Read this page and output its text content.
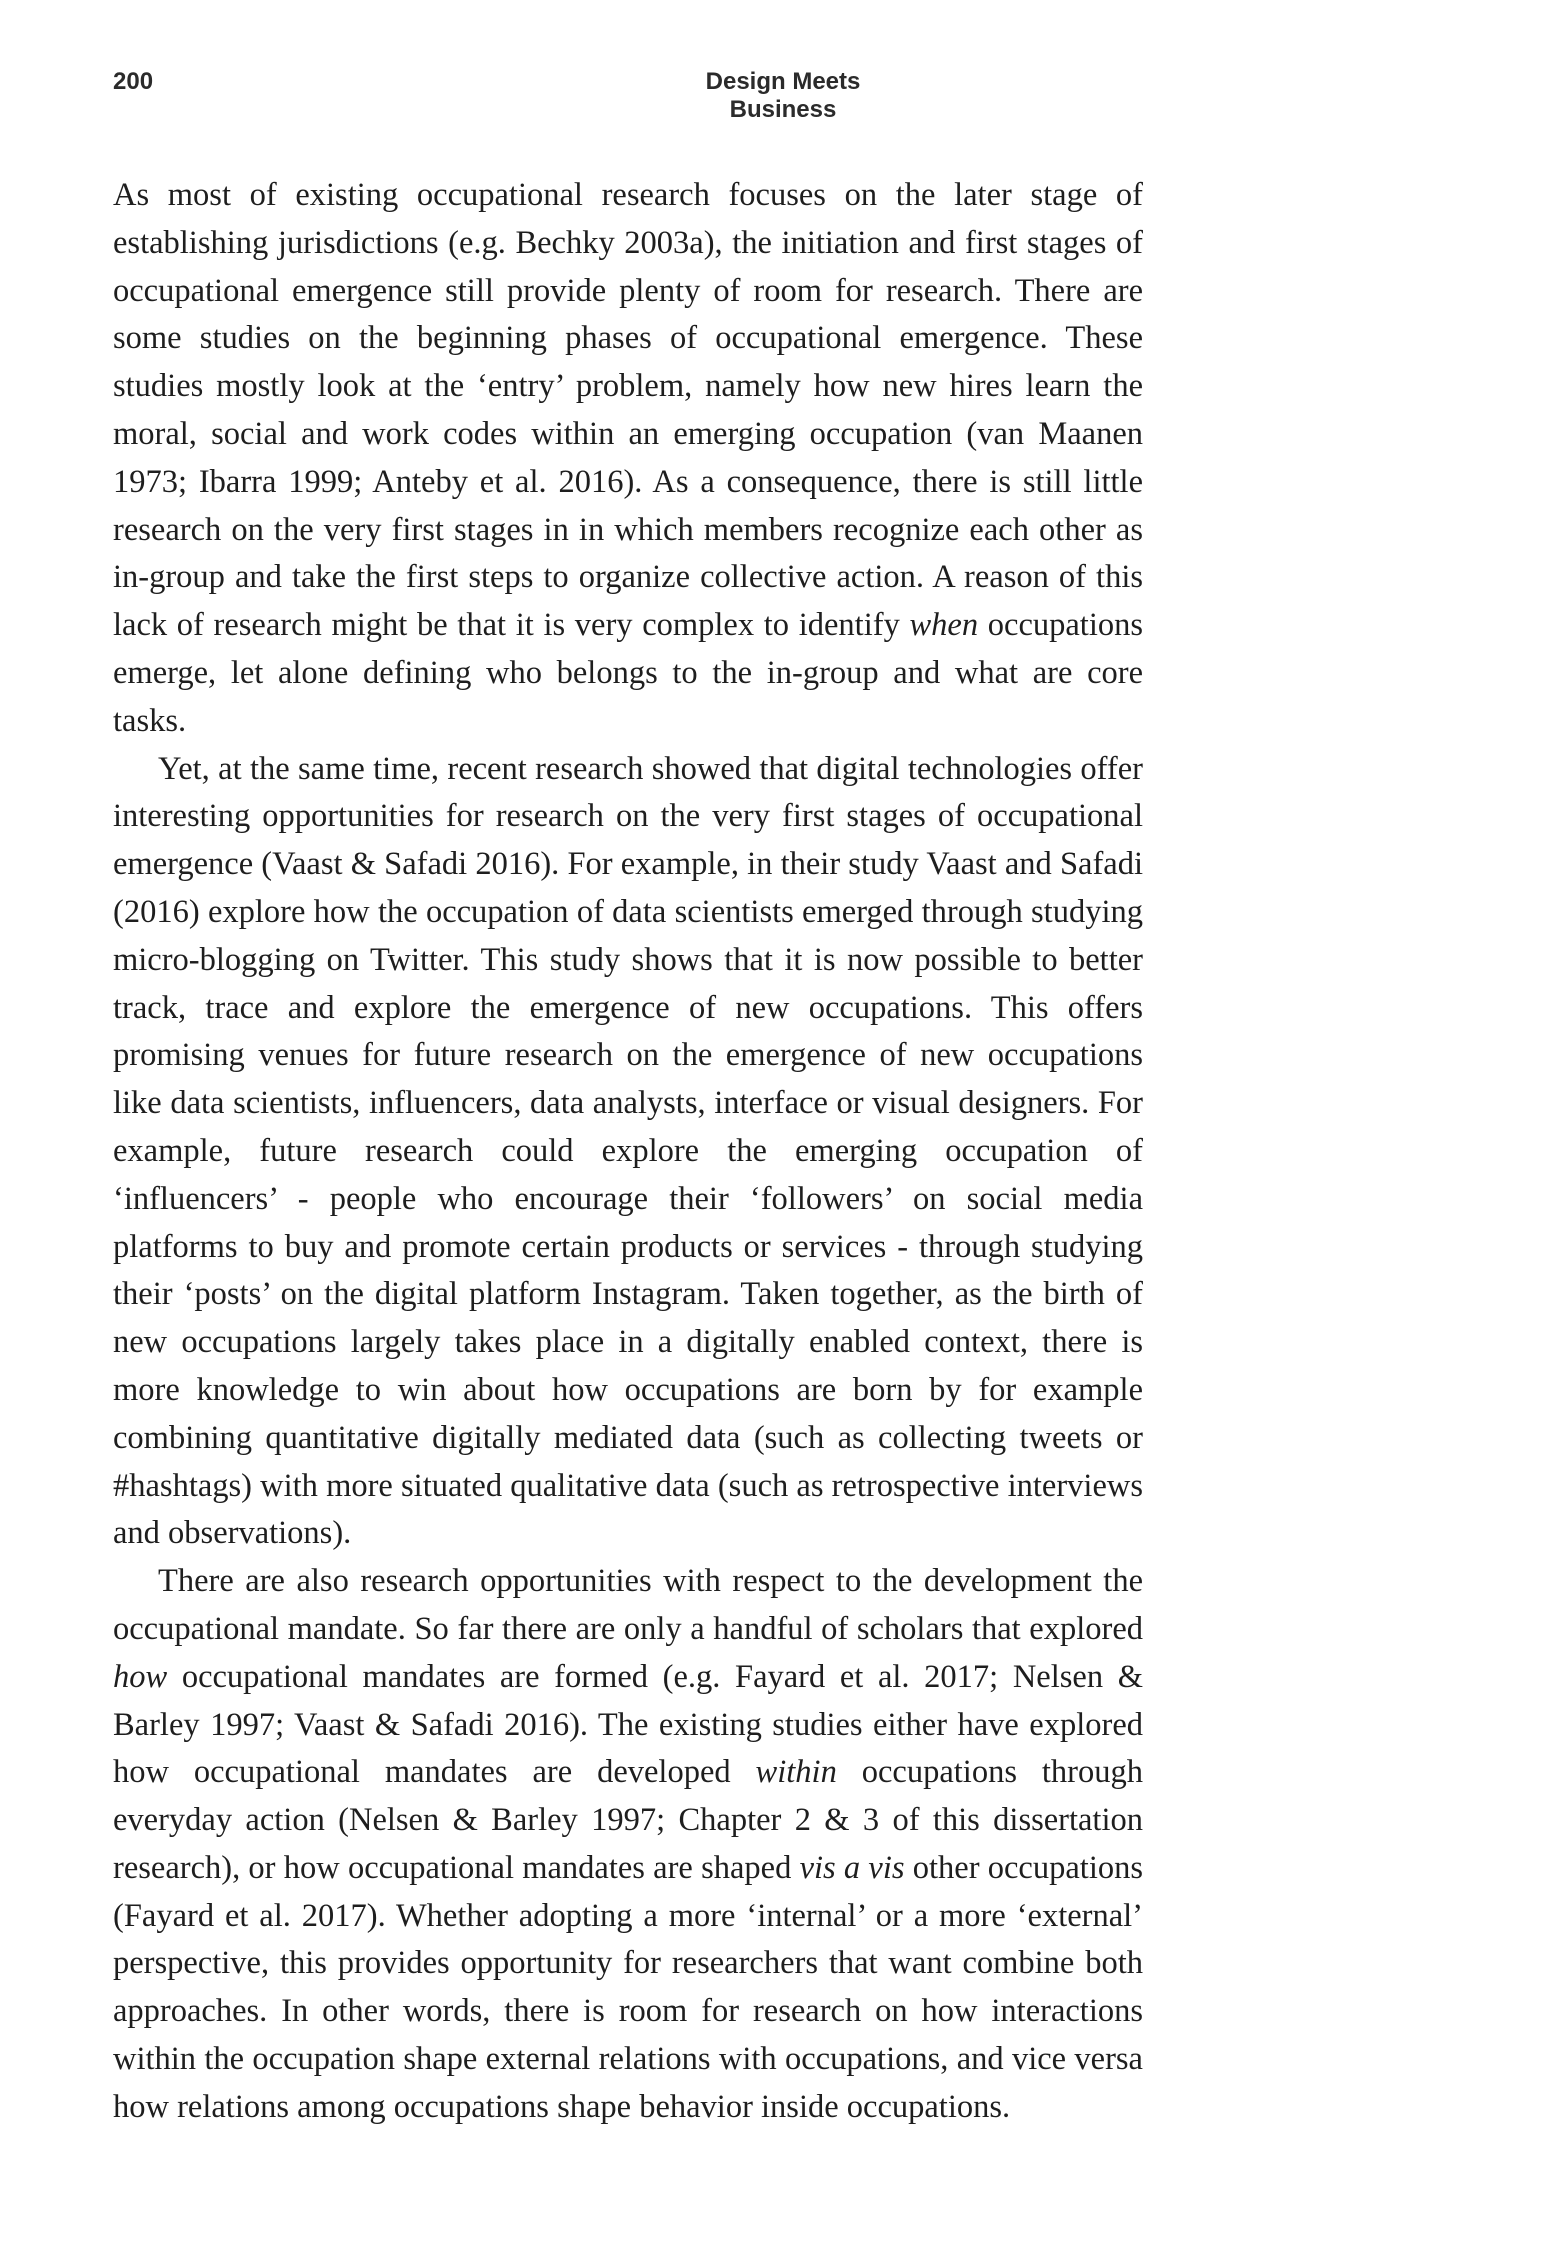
200	Design Meets Business

As most of existing occupational research focuses on the later stage of establishing jurisdictions (e.g. Bechky 2003a), the initiation and first stages of occupational emergence still provide plenty of room for research. There are some studies on the beginning phases of occupational emergence. These studies mostly look at the ‘entry’ problem, namely how new hires learn the moral, social and work codes within an emerging occupation (van Maanen 1973; Ibarra 1999; Anteby et al. 2016). As a consequence, there is still little research on the very first stages in in which members recognize each other as in-group and take the first steps to organize collective action. A reason of this lack of research might be that it is very complex to identify when occupations emerge, let alone defining who belongs to the in-group and what are core tasks.

Yet, at the same time, recent research showed that digital technologies offer interesting opportunities for research on the very first stages of occupational emergence (Vaast & Safadi 2016). For example, in their study Vaast and Safadi (2016) explore how the occupation of data scientists emerged through studying micro-blogging on Twitter. This study shows that it is now possible to better track, trace and explore the emergence of new occupations. This offers promising venues for future research on the emergence of new occupations like data scientists, influencers, data analysts, interface or visual designers. For example, future research could explore the emerging occupation of ‘influencers’ - people who encourage their ‘followers’ on social media platforms to buy and promote certain products or services - through studying their ‘posts’ on the digital platform Instagram. Taken together, as the birth of new occupations largely takes place in a digitally enabled context, there is more knowledge to win about how occupations are born by for example combining quantitative digitally mediated data (such as collecting tweets or #hashtags) with more situated qualitative data (such as retrospective interviews and observations).

There are also research opportunities with respect to the development the occupational mandate. So far there are only a handful of scholars that explored how occupational mandates are formed (e.g. Fayard et al. 2017; Nelsen & Barley 1997; Vaast & Safadi 2016). The existing studies either have explored how occupational mandates are developed within occupations through everyday action (Nelsen & Barley 1997; Chapter 2 & 3 of this dissertation research), or how occupational mandates are shaped vis a vis other occupations (Fayard et al. 2017). Whether adopting a more ‘internal’ or a more ‘external’ perspective, this provides opportunity for researchers that want combine both approaches. In other words, there is room for research on how interactions within the occupation shape external relations with occupations, and vice versa how relations among occupations shape behavior inside occupations.
